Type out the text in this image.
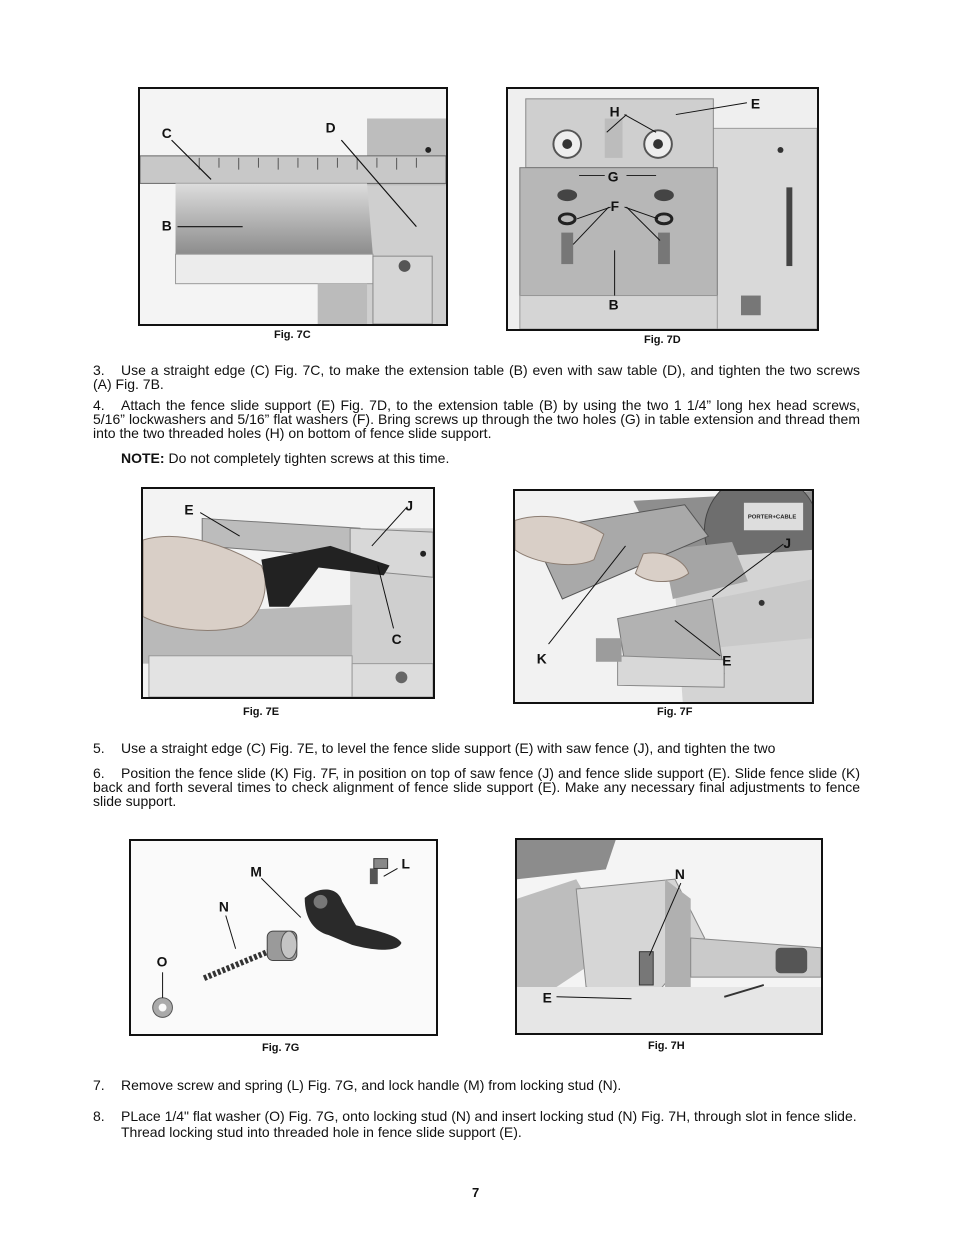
C	D
B
Fig. 7C
H
E
G
F
B
Fig. 7D
3. Use a straight edge (C) Fig. 7C, to make the extension table (B) even with saw table (D), and tighten the two screws (A) Fig. 7B.
4. Attach the fence slide support (E) Fig. 7D, to the extension table (B) by using the two 1 1/4” long hex head screws, 5/16” lockwashers and 5/16” flat washers (F). Bring screws up through the two holes (G) in table extension and thread them into the two threaded holes (H) on bottom of fence slide support.
NOTE: Do not completely tighten screws at this time.
E	J
C
Fig. 7E
PORTER+CABLE
J
K	E
Fig. 7F
5. Use a straight edge (C) Fig. 7E, to level the fence slide support (E) with saw fence (J), and tighten the two
6. Position the fence slide (K) Fig. 7F, in position on top of saw fence (J) and fence slide support (E). Slide fence slide (K) back and forth several times to check alignment of fence slide support (E). Make any necessary final adjustments to fence slide support.
M
L
N
O
Fig. 7G
N
E
Fig. 7H
7.	Remove screw and spring (L) Fig. 7G, and lock handle (M) from locking stud (N).
8.	PLace 1/4" flat washer (O) Fig. 7G, onto locking stud (N) and insert locking stud (N) Fig. 7H, through slot in fence slide. Thread locking stud into threaded hole in fence slide support (E).
7
